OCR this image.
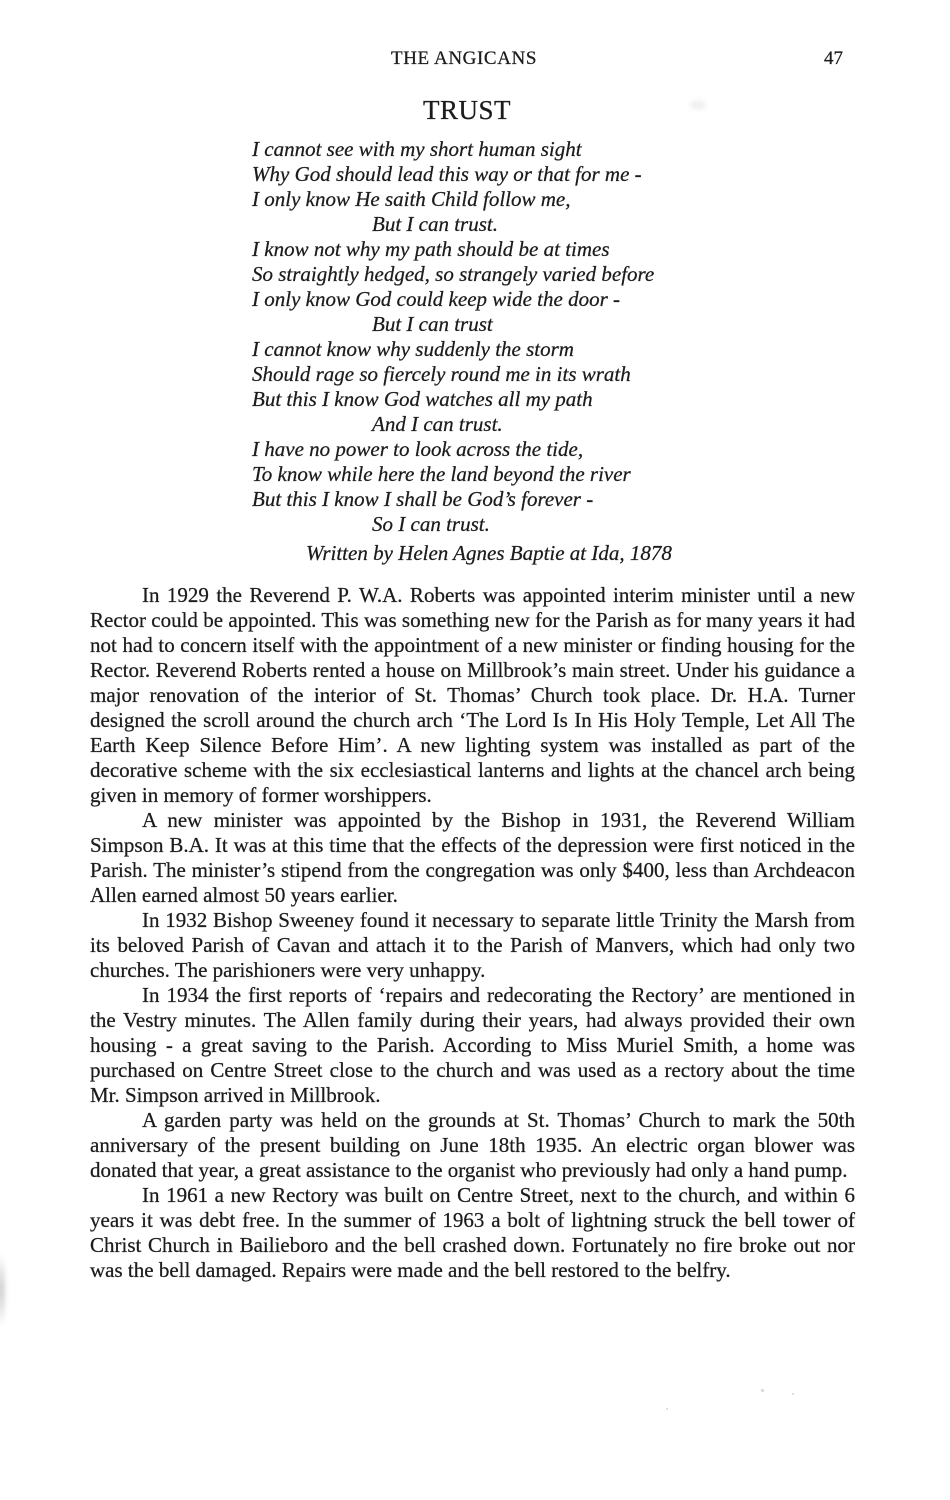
THE ANGICANS	47
TRUST
I cannot see with my short human sight
Why God should lead this way or that for me -
I only know He saith Child follow me,
But I can trust.
I know not why my path should be at times
So straightly hedged, so strangely varied before
I only know God could keep wide the door -
But I can trust
I cannot know why suddenly the storm
Should rage so fiercely round me in its wrath
But this I know God watches all my path
And I can trust.
I have no power to look across the tide,
To know while here the land beyond the river
But this I know I shall be God’s forever -
So I can trust.
Written by Helen Agnes Baptie at Ida, 1878

In 1929 the Reverend P. W.A. Roberts was appointed interim minister until a new Rector could be appointed. This was something new for the Parish as for many years it had not had to concern itself with the appointment of a new minister or finding housing for the Rector. Reverend Roberts rented a house on Millbrook’s main street. Under his guidance a major renovation of the interior of St. Thomas’ Church took place. Dr. H.A. Turner designed the scroll around the church arch ‘The Lord Is In His Holy Temple, Let All The Earth Keep Silence Before Him’. A new lighting system was installed as part of the decorative scheme with the six ecclesiastical lanterns and lights at the chancel arch being given in memory of former worshippers.

A new minister was appointed by the Bishop in 1931, the Reverend William Simpson B.A. It was at this time that the effects of the depression were first noticed in the Parish. The minister’s stipend from the congregation was only $400, less than Archdeacon Allen earned almost 50 years earlier.

In 1932 Bishop Sweeney found it necessary to separate little Trinity the Marsh from its beloved Parish of Cavan and attach it to the Parish of Manvers, which had only two churches. The parishioners were very unhappy.

In 1934 the first reports of ‘repairs and redecorating the Rectory’ are mentioned in the Vestry minutes. The Allen family during their years, had always provided their own housing - a great saving to the Parish. According to Miss Muriel Smith, a home was purchased on Centre Street close to the church and was used as a rectory about the time Mr. Simpson arrived in Millbrook.

A garden party was held on the grounds at St. Thomas’ Church to mark the 50th anniversary of the present building on June 18th 1935. An electric organ blower was donated that year, a great assistance to the organist who previously had only a hand pump.

In 1961 a new Rectory was built on Centre Street, next to the church, and within 6 years it was debt free. In the summer of 1963 a bolt of lightning struck the bell tower of Christ Church in Bailieboro and the bell crashed down. Fortunately no fire broke out nor was the bell damaged. Repairs were made and the bell restored to the belfry.
